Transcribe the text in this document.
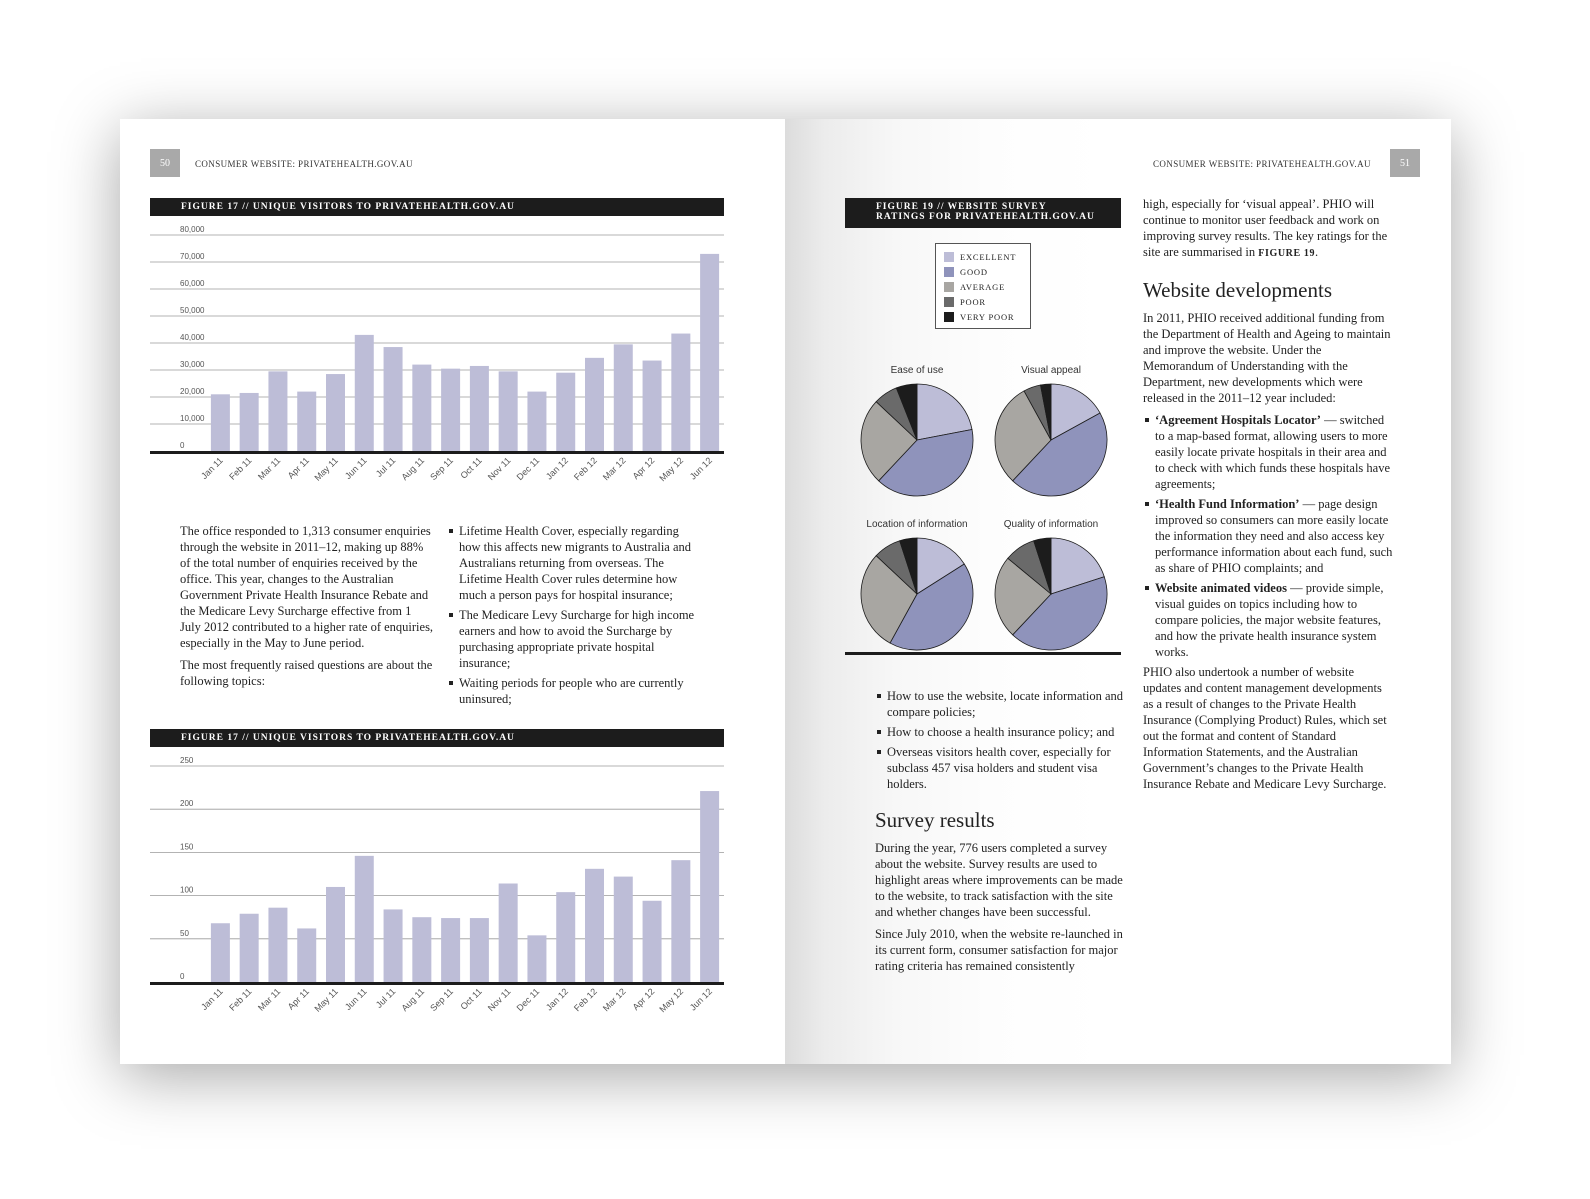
50	CONSUMER WEBSITE: PRIVATEHEALTH.GOV.AU
FIGURE 17 // UNIQUE VISITORS TO PRIVATEHEALTH.GOV.AU
0
10,000
20,000
30,000
40,000
50,000
60,000
70,000
80,000
Jan 11 Feb 11 Mar 11 Apr 11 May 11 Jun 11 Jul 11 Aug 11 Sep 11 Oct 11 Nov 11 Dec 11 Jan 12 Feb 12 Mar 12 Apr 12 May 12 Jun 12

The office responded to 1,313 consumer enquiries through the website in 2011–12, making up 88% of the total number of enquiries received by the office. This year, changes to the Australian Government Private Health Insurance Rebate and the Medicare Levy Surcharge effective from 1 July 2012 contributed to a higher rate of enquiries, especially in the May to June period.

The most frequently raised questions are about the following topics:

Lifetime Health Cover, especially regarding how this affects new migrants to Australia and Australians returning from overseas. The Lifetime Health Cover rules determine how much a person pays for hospital insurance;
The Medicare Levy Surcharge for high income earners and how to avoid the Surcharge by purchasing appropriate private hospital insurance;
Waiting periods for people who are currently uninsured;
FIGURE 17 // UNIQUE VISITORS TO PRIVATEHEALTH.GOV.AU
0
50
100
150
200
250
Jan 11 Feb 11 Mar 11 Apr 11 May 11 Jun 11 Jul 11 Aug 11 Sep 11 Oct 11 Nov 11 Dec 11 Jan 12 Feb 12 Mar 12 Apr 12 May 12 Jun 12
CONSUMER WEBSITE: PRIVATEHEALTH.GOV.AU	51
FIGURE 19 // WEBSITE SURVEY
RATINGS FOR PRIVATEHEALTH.GOV.AU
EXCELLENT
GOOD
AVERAGE
POOR
VERY POOR
Ease of use	Visual appeal
Location of information	Quality of information
How to use the website, locate information and compare policies;
How to choose a health insurance policy; and
Overseas visitors health cover, especially for subclass 457 visa holders and student visa holders.
Survey results

During the year, 776 users completed a survey about the website. Survey results are used to highlight areas where improvements can be made to the website, to track satisfaction with the site and whether changes have been successful.

Since July 2010, when the website re-launched in its current form, consumer satisfaction for major rating criteria has remained consistently

high, especially for ‘visual appeal’. PHIO will continue to monitor user feedback and work on improving survey results. The key ratings for the site are summarised in FIGURE 19.

Website developments

In 2011, PHIO received additional funding from the Department of Health and Ageing to maintain and improve the website. Under the Memorandum of Understanding with the Department, new developments which were released in the 2011–12 year included:

‘Agreement Hospitals Locator’ — switched to a map-based format, allowing users to more easily locate private hospitals in their area and to check with which funds these hospitals have agreements;
‘Health Fund Information’ — page design improved so consumers can more easily locate the information they need and also access key performance information about each fund, such as share of PHIO complaints; and
Website animated videos — provide simple, visual guides on topics including how to compare policies, the major website features, and how the private health insurance system works.

PHIO also undertook a number of website updates and content management developments as a result of changes to the Private Health Insurance (Complying Product) Rules, which set out the format and content of Standard Information Statements, and the Australian Government’s changes to the Private Health Insurance Rebate and Medicare Levy Surcharge.
